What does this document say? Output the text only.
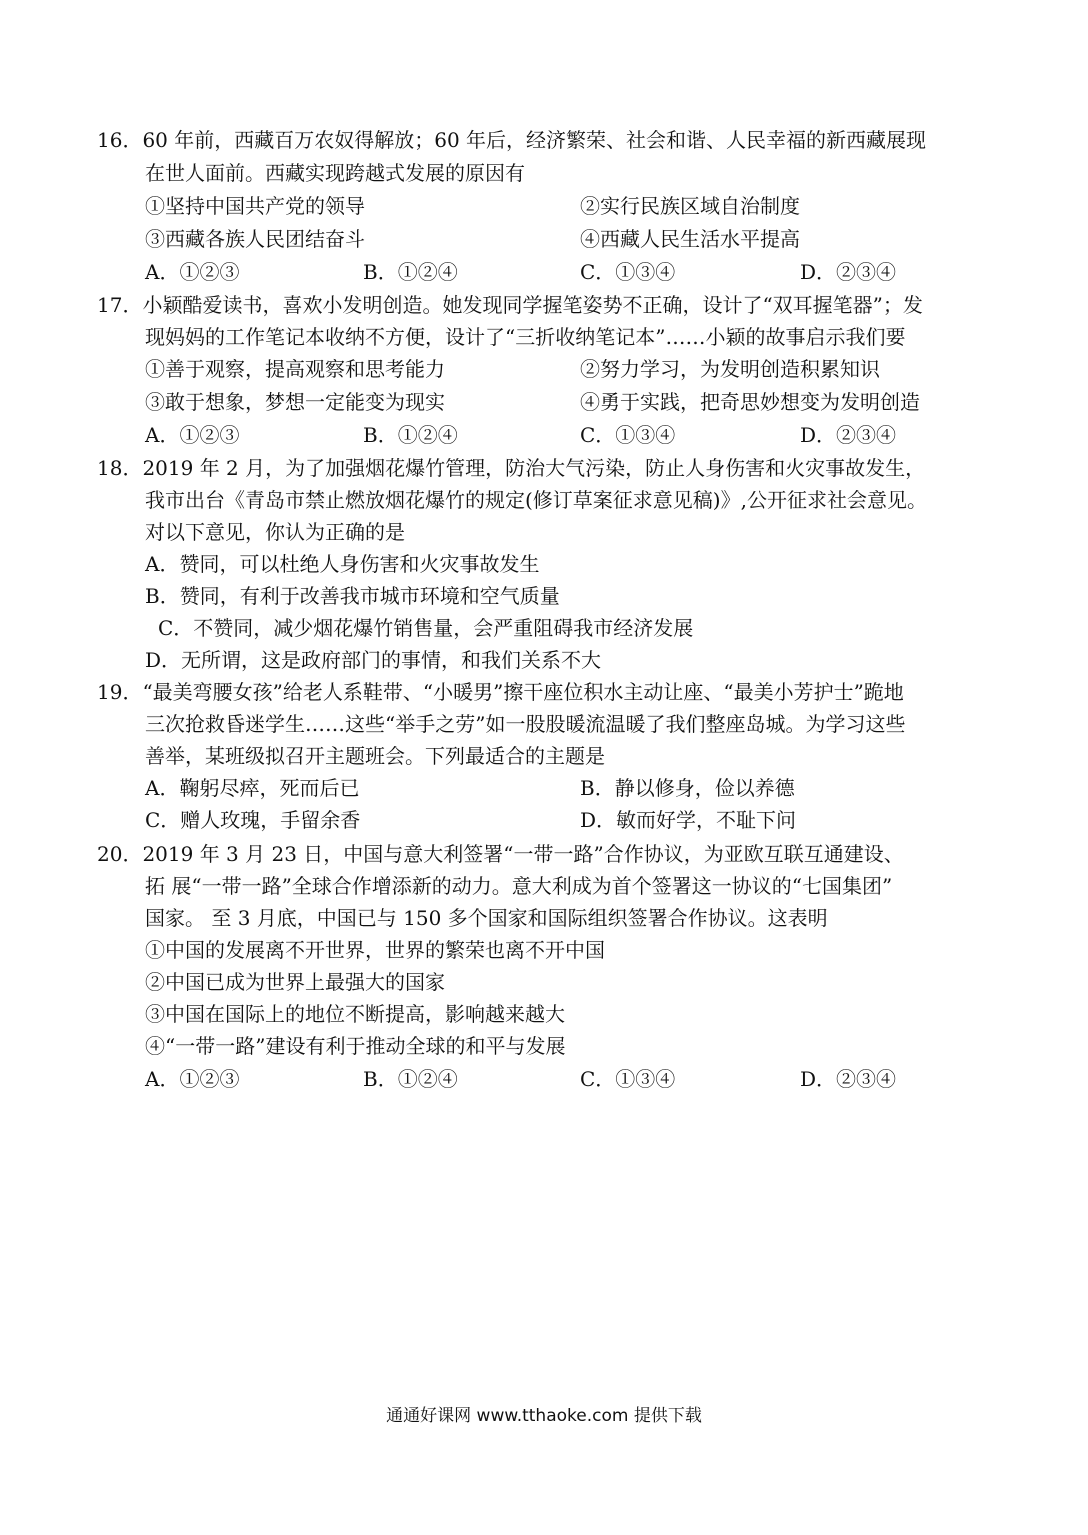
16．60 年前，西藏百万农奴得解放；60 年后，经济繁荣、社会和谐、人民幸福的新西藏展现
在世人面前。西藏实现跨越式发展的原因有
①坚持中国共产党的领导	②实行民族区域自治制度
③西藏各族人民团结奋斗	④西藏人民生活水平提高
A．①②③	B．①②④	C．①③④	D．②③④
17．小颖酷爱读书，喜欢小发明创造。她发现同学握笔姿势不正确，设计了“双耳握笔器”；发
现妈妈的工作笔记本收纳不方便，设计了“三折收纳笔记本”……小颖的故事启示我们要
①善于观察，提高观察和思考能力	②努力学习，为发明创造积累知识
③敢于想象，梦想一定能变为现实	④勇于实践，把奇思妙想变为发明创造
A．①②③	B．①②④	C．①③④	D．②③④
18．2019 年 2 月，为了加强烟花爆竹管理，防治大气污染，防止人身伤害和火灾事故发生，
我市出台《青岛市禁止燃放烟花爆竹的规定(修订草案征求意见稿)》,公开征求社会意见。
对以下意见，你认为正确的是
A．赞同，可以杜绝人身伤害和火灾事故发生
B．赞同，有利于改善我市城市环境和空气质量
C．不赞同，减少烟花爆竹销售量，会严重阻碍我市经济发展
D．无所谓，这是政府部门的事情，和我们关系不大
19．“最美弯腰女孩”给老人系鞋带、“小暖男”擦干座位积水主动让座、“最美小芳护士”跪地
三次抢救昏迷学生……这些“举手之劳”如一股股暖流温暖了我们整座岛城。为学习这些
善举，某班级拟召开主题班会。下列最适合的主题是
A．鞠躬尽瘁，死而后已	B．静以修身，俭以养德
C．赠人玫瑰，手留余香	D．敏而好学，不耻下问
20．2019 年 3 月 23 日，中国与意大利签署“一带一路”合作协议，为亚欧互联互通建设、
拓 展“一带一路”全球合作增添新的动力。意大利成为首个签署这一协议的“七国集团”
国家。 至 3 月底，中国已与 150 多个国家和国际组织签署合作协议。这表明
①中国的发展离不开世界，世界的繁荣也离不开中国
②中国已成为世界上最强大的国家
③中国在国际上的地位不断提高，影响越来越大
④“一带一路”建设有利于推动全球的和平与发展
A．①②③	B．①②④	C．①③④	D．②③④
通通好课网 www.tthaoke.com 提供下载
